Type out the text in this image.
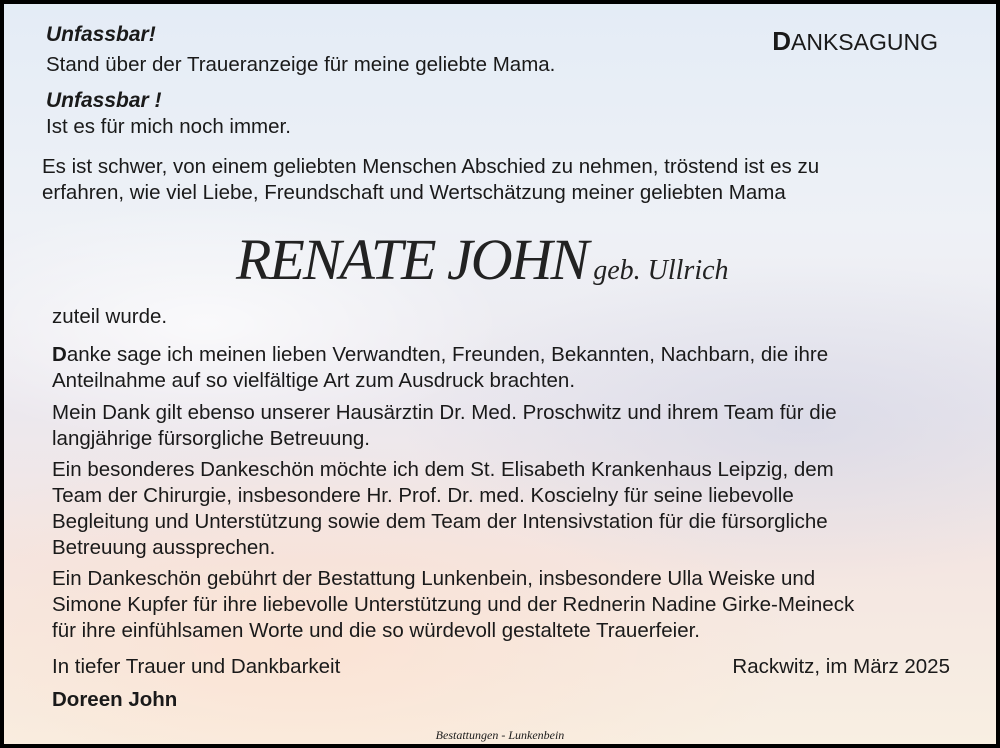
DANKSAGUNG
Unfassbar!
Stand über der Traueranzeige für meine geliebte Mama.
Unfassbar !
Ist es für mich noch immer.
Es ist schwer, von einem geliebten Menschen Abschied zu nehmen, tröstend ist es zu
erfahren, wie viel Liebe, Freundschaft und Wertschätzung meiner geliebten Mama
RENATE JOHN geb. Ullrich
zuteil wurde.
Danke sage ich meinen lieben Verwandten, Freunden, Bekannten, Nachbarn, die ihre
Anteilnahme auf so vielfältige Art zum Ausdruck brachten.
Mein Dank gilt ebenso unserer Hausärztin Dr. Med. Proschwitz und ihrem Team für die
langjährige fürsorgliche Betreuung.
Ein besonderes Dankeschön möchte ich dem St. Elisabeth Krankenhaus Leipzig, dem
Team der Chirurgie, insbesondere Hr. Prof. Dr. med. Koscielny für seine liebevolle
Begleitung und Unterstützung sowie dem Team der Intensivstation für die fürsorgliche
Betreuung aussprechen.
Ein Dankeschön gebührt der Bestattung Lunkenbein, insbesondere Ulla Weiske und
Simone Kupfer für ihre liebevolle Unterstützung und der Rednerin Nadine Girke-Meineck
für ihre einfühlsamen Worte und die so würdevoll gestaltete Trauerfeier.
In tiefer Trauer und Dankbarkeit
Doreen John
Rackwitz, im März 2025
Bestattungen - Lunkenbein
